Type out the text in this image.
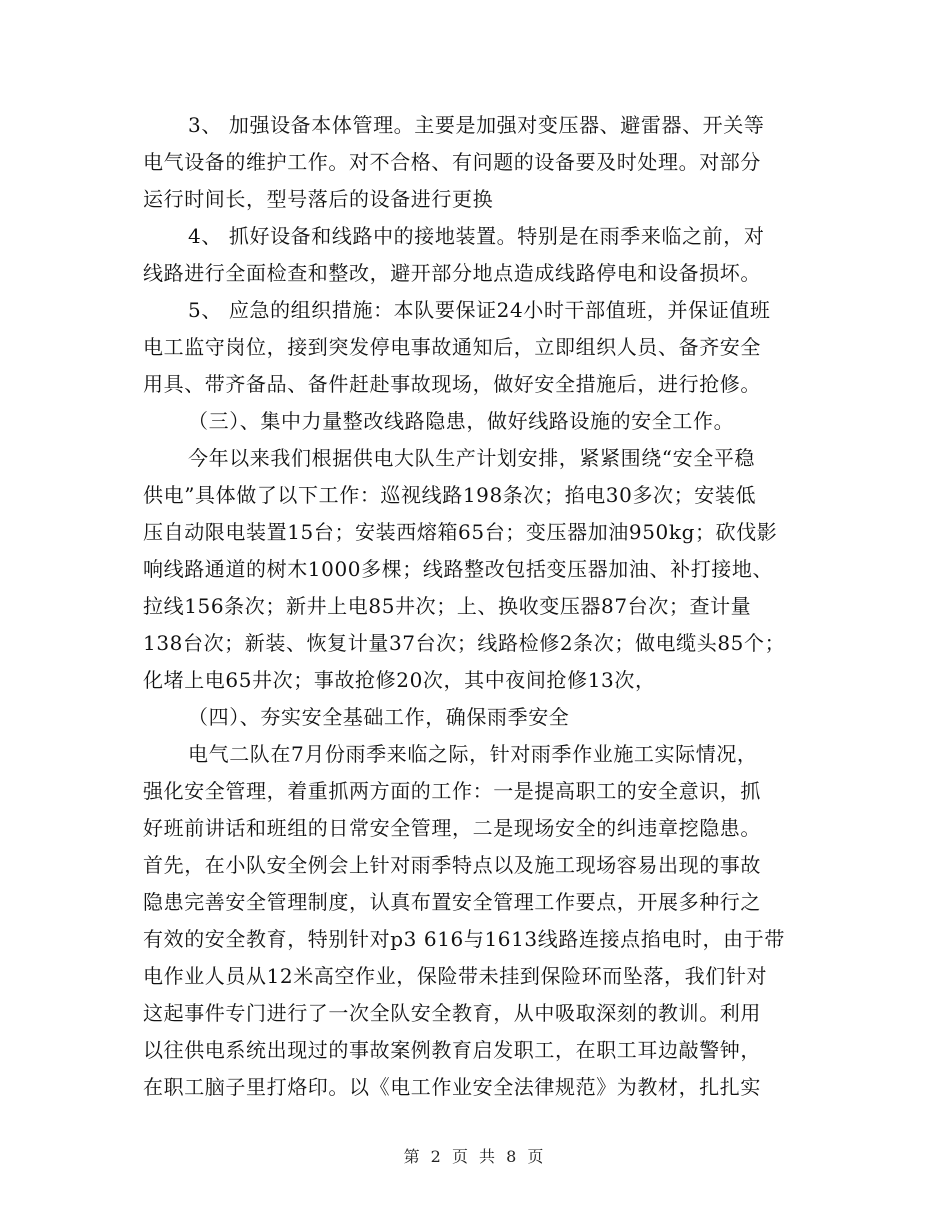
3、 加强设备本体管理。主要是加强对变压器、避雷器、开关等
电气设备的维护工作。对不合格、有问题的设备要及时处理。对部分
运行时间长，型号落后的设备进行更换
4、 抓好设备和线路中的接地装置。特别是在雨季来临之前，对
线路进行全面检查和整改，避开部分地点造成线路停电和设备损坏。
5、 应急的组织措施：本队要保证24小时干部值班，并保证值班
电工监守岗位，接到突发停电事故通知后，立即组织人员、备齐安全
用具、带齐备品、备件赶赴事故现场，做好安全措施后，进行抢修。
（三）、集中力量整改线路隐患，做好线路设施的安全工作。
今年以来我们根据供电大队生产计划安排，紧紧围绕“安全平稳
供电”具体做了以下工作：巡视线路198条次；掐电30多次；安装低
压自动限电装置15台；安装西熔箱65台；变压器加油950kg；砍伐影
响线路通道的树木1000多棵；线路整改包括变压器加油、补打接地、
拉线156条次；新井上电85井次；上、换收变压器87台次；查计量
138台次；新装、恢复计量37台次；线路检修2条次；做电缆头85个；
化堵上电65井次；事故抢修20次，其中夜间抢修13次，
（四）、夯实安全基础工作，确保雨季安全
电气二队在7月份雨季来临之际，针对雨季作业施工实际情况，
强化安全管理，着重抓两方面的工作：一是提高职工的安全意识，抓
好班前讲话和班组的日常安全管理，二是现场安全的纠违章挖隐患。
首先，在小队安全例会上针对雨季特点以及施工现场容易出现的事故
隐患完善安全管理制度，认真布置安全管理工作要点，开展多种行之
有效的安全教育，特别针对p3 616与1613线路连接点掐电时，由于带
电作业人员从12米高空作业，保险带未挂到保险环而坠落，我们针对
这起事件专门进行了一次全队安全教育，从中吸取深刻的教训。利用
以往供电系统出现过的事故案例教育启发职工，在职工耳边敲警钟，
在职工脑子里打烙印。以《电工作业安全法律规范》为教材，扎扎实
第 2 页 共 8 页
